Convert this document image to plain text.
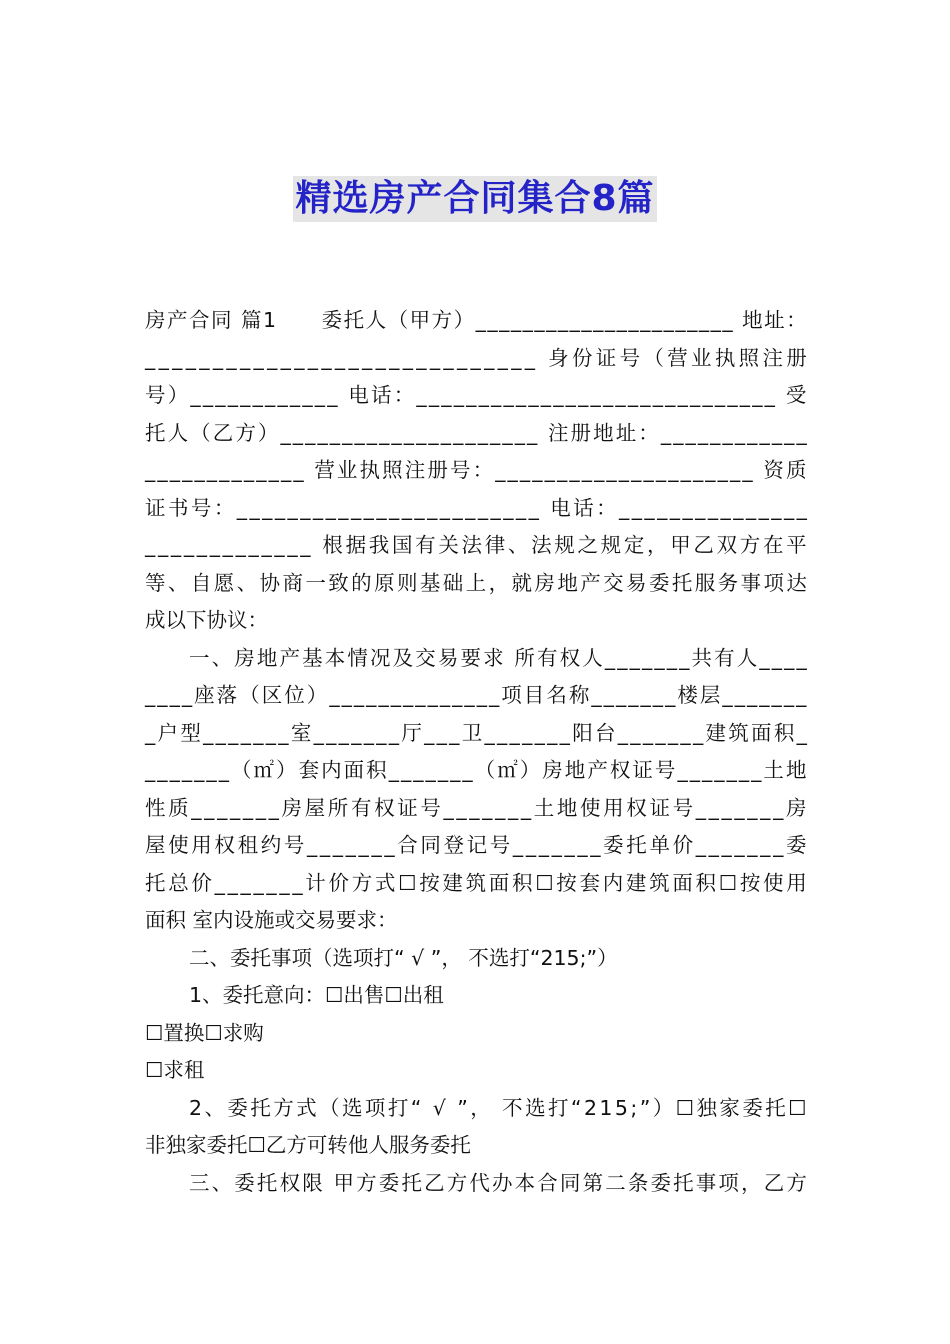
精选房产合同集合8篇
房 产 合 同
篇 1

　 委 托 人 （ 甲 方 ） _ _ _ _ _ _ _ _ _ _ _ _ _ _ _ _ _ _ _ _ _ _
地 址 ：
_ _ _ _ _ _ _ _ _ _ _ _ _ _ _ _ _ _ _ _ _ _ _ _ _ _ _ _ _
身 份 证 号 （ 营 业 执 照 注 册
号 ） _ _ _ _ _ _ _ _ _ _ _ _
电 话 ： _ _ _ _ _ _ _ _ _ _ _ _ _ _ _ _ _ _ _ _ _ _ _ _ _ _ _ _ _
受
托 人 （ 乙 方 ） _ _ _ _ _ _ _ _ _ _ _ _ _ _ _ _ _ _ _ _ _
注 册 地 址 ： _ _ _ _ _ _ _ _ _ _ _ _
_ _ _ _ _ _ _ _ _ _ _ _ _
营 业 执 照 注 册 号 ： _ _ _ _ _ _ _ _ _ _ _ _ _ _ _ _ _ _ _ _ _
资 质
证 书 号 ： _ _ _ _ _ _ _ _ _ _ _ _ _ _ _ _ _ _ _ _ _ _ _ _
电 话 ： _ _ _ _ _ _ _ _ _ _ _ _ _ _ _
_ _ _ _ _ _ _ _ _ _ _ _ _
根 据 我 国 有 关 法 律 、 法 规 之 规 定 ， 甲 乙 双 方 在 平
等 、 自 愿 、 协 商 一 致 的 原 则 基 础 上 ， 就 房 地 产 交 易 委 托 服 务 事 项 达
成以下协议：
一 、 房 地 产 基 本 情 况 及 交 易 要 求
所 有 权 人 _ _ _ _ _ _ _ 共 有 人 _ _ _ _
_ _ _ _ 座 落 （ 区 位 ） _ _ _ _ _ _ _ _ _ _ _ _ _ _ 项 目 名 称 _ _ _ _ _ _ _ 楼 层 _ _ _ _ _ _ _
_ 户 型 _ _ _ _ _ _ _ 室 _ _ _ _ _ _ _ 厅 _ _ _ 卫 _ _ _ _ _ _ _ 阳 台 _ _ _ _ _ _ _ 建 筑 面 积 _
_ _ _ _ _ _ _ （ ㎡ ） 套 内 面 积 _ _ _ _ _ _ _ （ ㎡ ） 房 地 产 权 证 号 _ _ _ _ _ _ _ 土 地
性 质 _ _ _ _ _ _ _ 房 屋 所 有 权 证 号 _ _ _ _ _ _ _ 土 地 使 用 权 证 号 _ _ _ _ _ _ _ 房
屋 使 用 权 租 约 号 _ _ _ _ _ _ _ 合 同 登 记 号 _ _ _ _ _ _ _ 委 托 单 价 _ _ _ _ _ _ _ 委
托 总 价 _ _ _ _ _ _ _ 计 价 方 式 ☐ 按 建 筑 面 积 ☐ 按 套 内 建 筑 面 积 ☐ 按 使 用
面积 室内设施或交易要求：
二、委托事项（选项打“ √ ”， 不选打“215;”）
1、委托意向：☐出售☐出租
☐置换☐求购
☐求租
2 、 委 托 方 式 （ 选 项 打 “
√
” ，
不 选 打 “ 2 1 5 ; ” ） ☐ 独 家 委 托 ☐
非独家委托☐乙方可转他人服务委托
三 、 委 托 权 限
甲 方 委 托 乙 方 代 办 本 合 同 第 二 条 委 托 事 项 ， 乙 方
